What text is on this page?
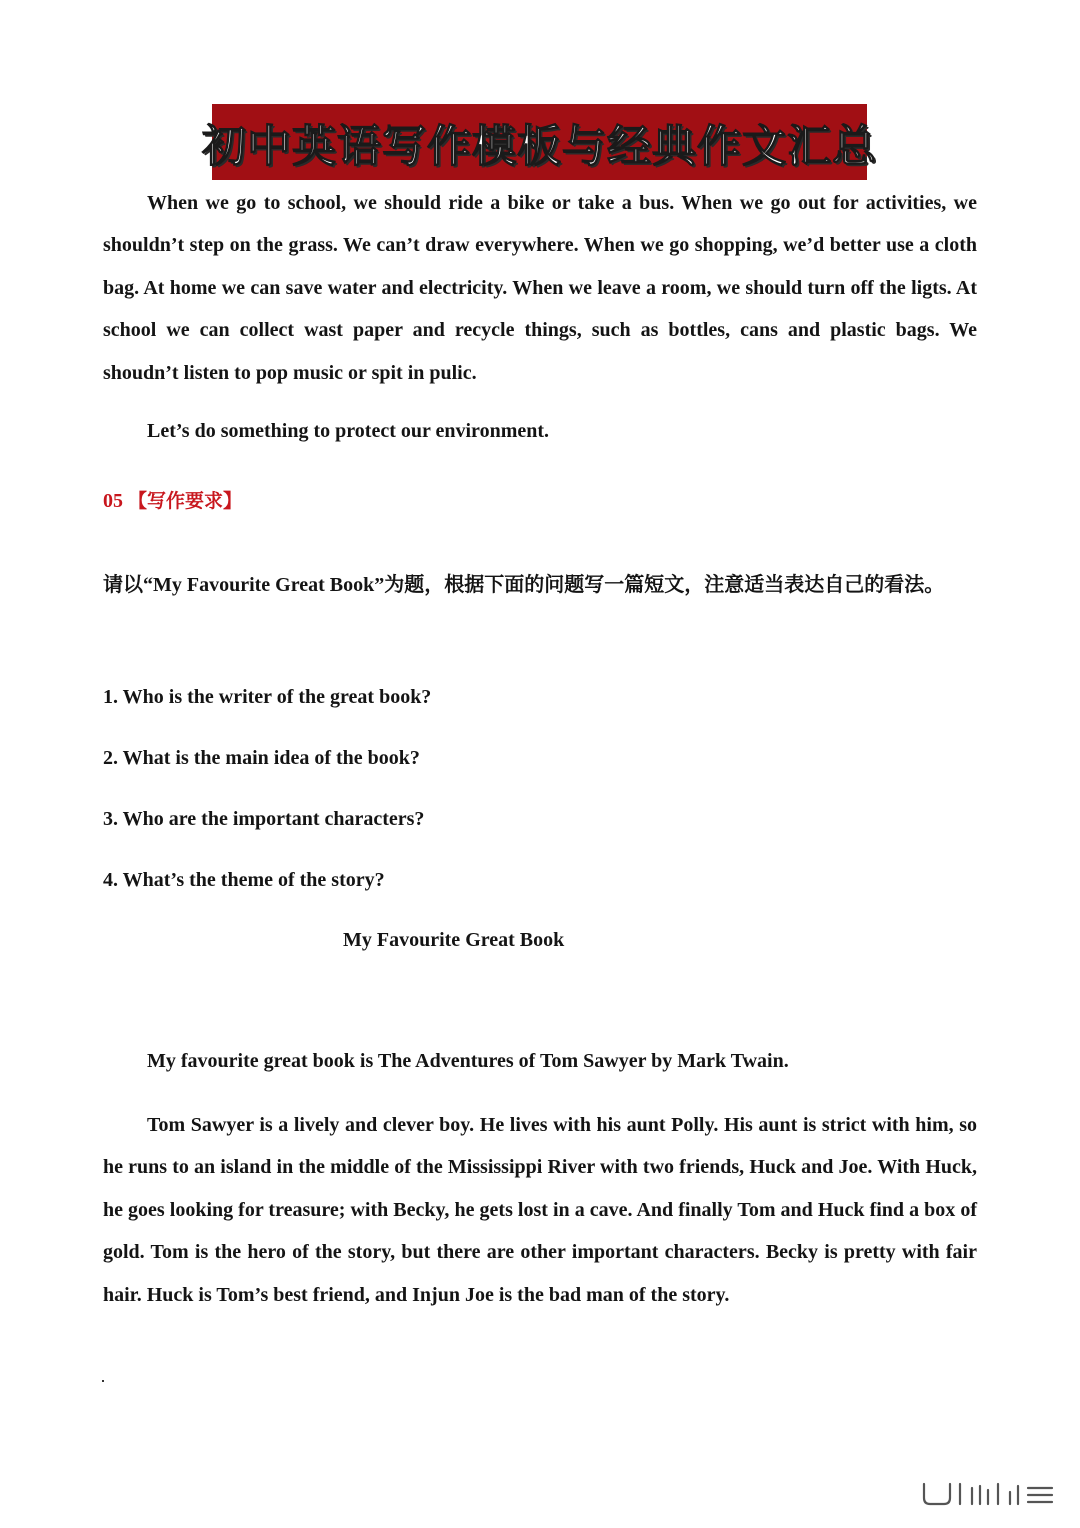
初中英语写作模板与经典作文汇总

When we go to school, we should ride a bike or take a bus. When we go out for activities, we shouldn’t step on the grass. We can’t draw everywhere. When we go shopping, we’d better use a cloth bag. At home we can save water and electricity. When we leave a room, we should turn off the ligts. At school we can collect wast paper and recycle things, such as bottles, cans and plastic bags. We shoudn’t listen to pop music or spit in pulic.

Let’s do something to protect our environment.

05 【写作要求】

请以“My Favourite Great Book”为题，根据下面的问题写一篇短文，注意适当表达自己的看法。

1. Who is the writer of the great book?

2. What is the main idea of the book?

3. Who are the important characters?

4. What’s the theme of the story?

My Favourite Great Book

My favourite great book is The Adventures of Tom Sawyer by Mark Twain.

Tom Sawyer is a lively and clever boy. He lives with his aunt Polly. His aunt is strict with him, so he runs to an island in the middle of the Mississippi River with two friends, Huck and Joe. With Huck, he goes looking for treasure; with Becky, he gets lost in a cave. And finally Tom and Huck find a box of gold. Tom is the hero of the story, but there are other important characters. Becky is pretty with fair hair. Huck is Tom’s best friend, and Injun Joe is the bad man of the story.
